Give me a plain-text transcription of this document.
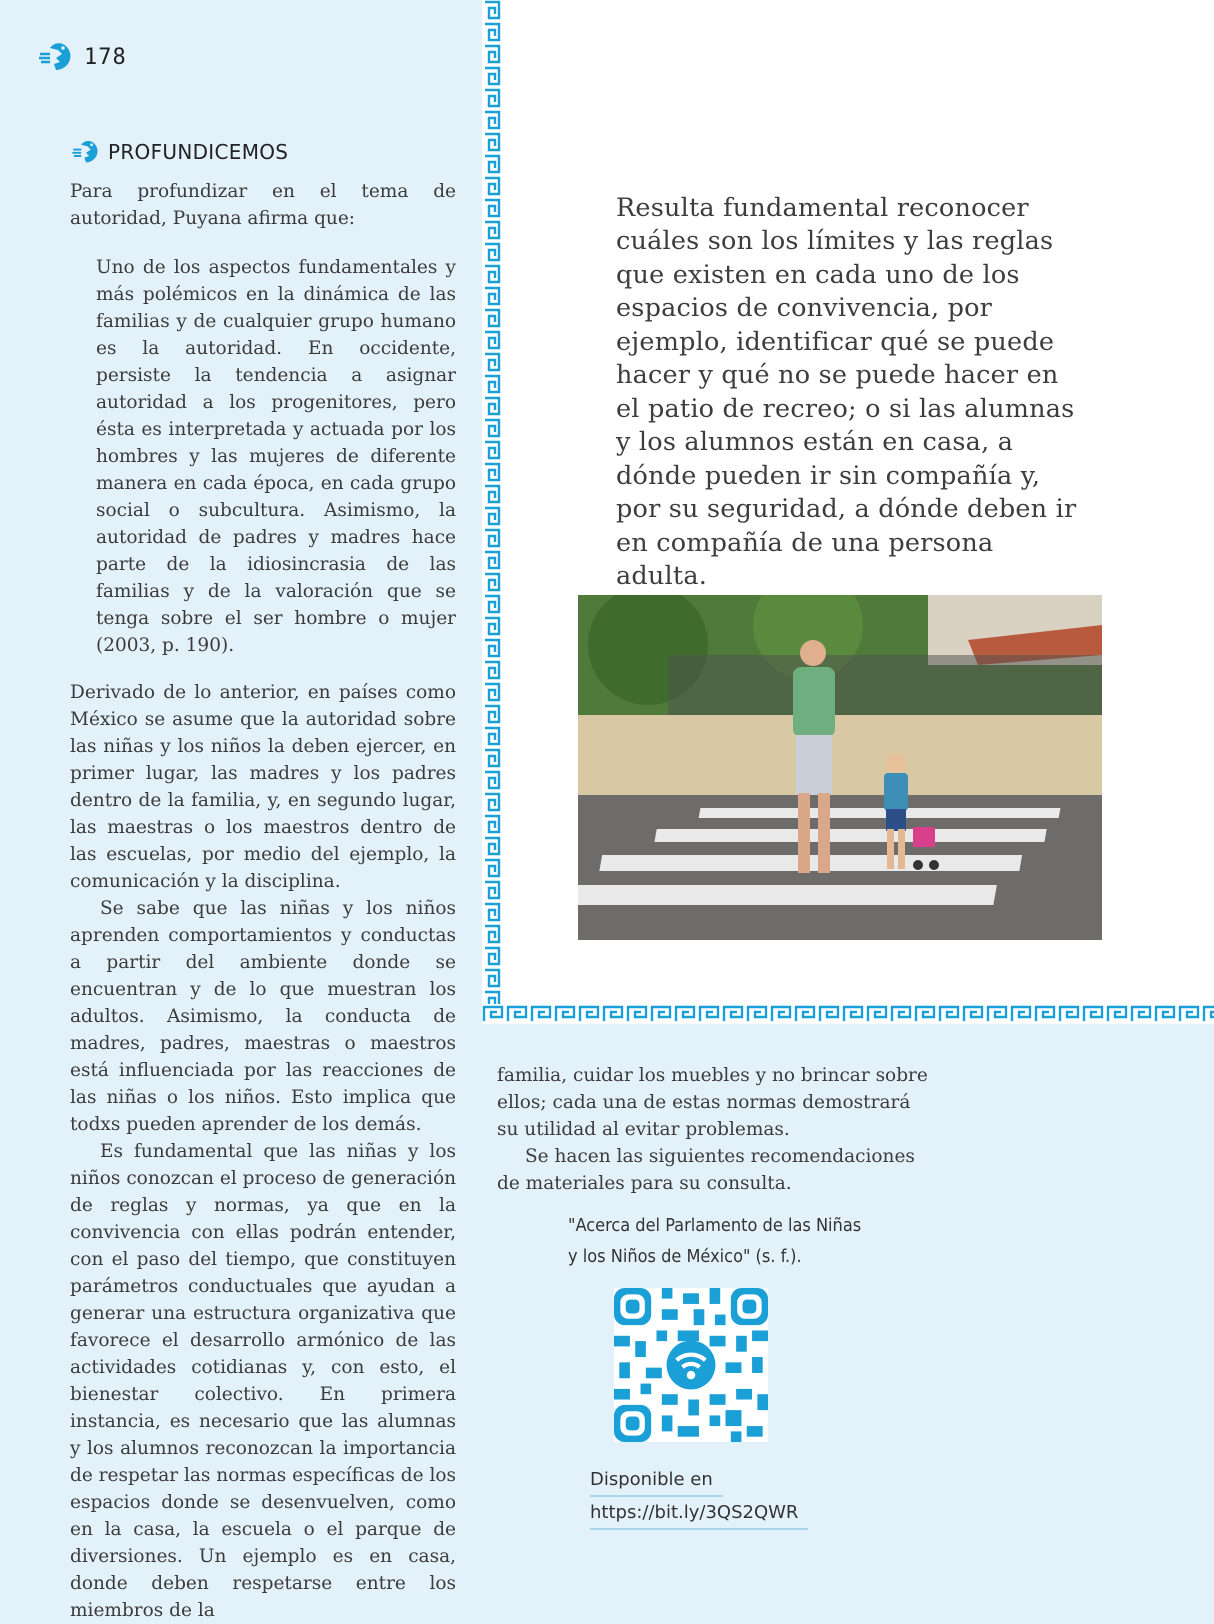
178
PROFUNDICEMOS

Para profundizar en el tema de autoridad, Puyana afirma que:

Uno de los aspectos fundamentales y más polémicos en la dinámica de las familias y de cualquier grupo humano es la autoridad. En occidente, persiste la tendencia a asignar autoridad a los progenitores, pero ésta es interpretada y actuada por los hombres y las mujeres de diferente manera en cada época, en cada grupo social o subcultura. Asimismo, la autoridad de padres y madres hace parte de la idiosincrasia de las familias y de la valoración que se tenga sobre el ser hombre o mujer (2003, p. 190).

Derivado de lo anterior, en países como México se asume que la autoridad sobre las niñas y los niños la deben ejercer, en primer lugar, las madres y los padres dentro de la familia, y, en segundo lugar, las maestras o los maestros dentro de las escuelas, por medio del ejemplo, la comunicación y la disciplina.

Se sabe que las niñas y los niños aprenden comportamientos y conductas a partir del ambiente donde se encuentran y de lo que muestran los adultos. Asimismo, la conducta de madres, padres, maestras o maestros está influenciada por las reacciones de las niñas o los niños. Esto implica que todxs pueden aprender de los demás.

Es fundamental que las niñas y los niños conozcan el proceso de generación de reglas y normas, ya que en la convivencia con ellas podrán entender, con el paso del tiempo, que constituyen parámetros conductuales que ayudan a generar una estructura organizativa que favorece el desarrollo armónico de las actividades cotidianas y, con esto, el bienestar colectivo. En primera instancia, es necesario que las alumnas y los alumnos reconozcan la importancia de respetar las normas específicas de los espacios donde se desenvuelven, como en la casa, la escuela o el parque de diversiones. Un ejemplo es en casa, donde deben respetarse entre los miembros de la

Resulta fundamental reconocer cuáles son los límites y las reglas que existen en cada uno de los espacios de convivencia, por ejemplo, identificar qué se puede hacer y qué no se puede hacer en el patio de recreo; o si las alumnas y los alumnos están en casa, a dónde pueden ir sin compañía y, por su seguridad, a dónde deben ir en compañía de una persona adulta.

familia, cuidar los muebles y no brincar sobre ellos; cada una de estas normas demostrará su utilidad al evitar problemas.

Se hacen las siguientes recomendaciones de materiales para su consulta.

"Acerca del Parlamento de las Niñas
y los Niños de México" (s. f.).
Disponible en
https://bit.ly/3QS2QWR
